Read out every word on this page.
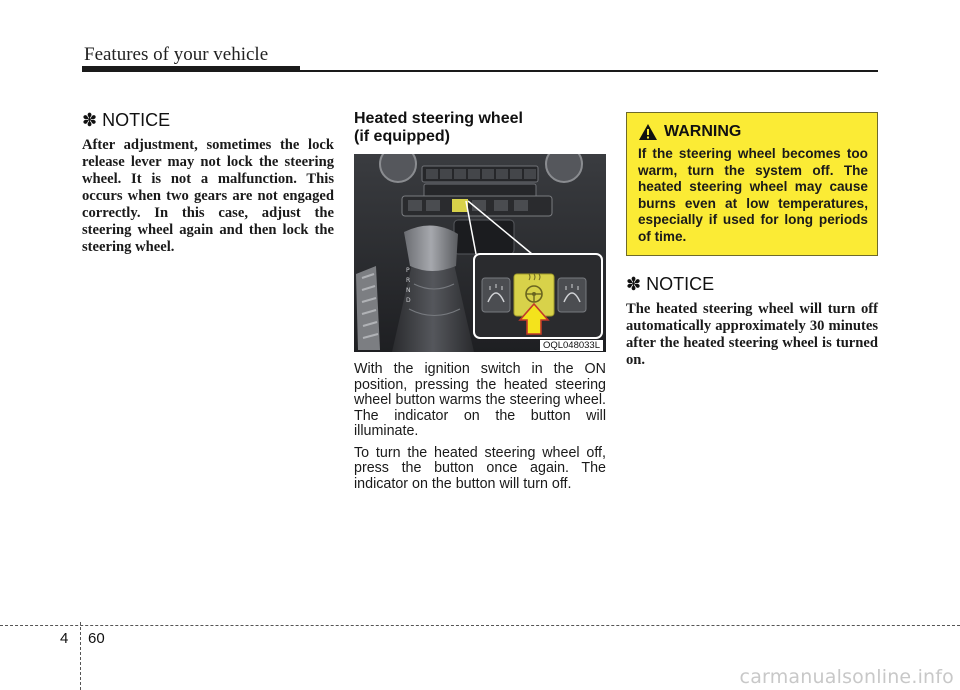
Features of your vehicle
✽ NOTICE

After adjustment, sometimes the lock release lever may not lock the steering wheel. It is not a malfunction. This occurs when two gears are not engaged correctly. In this case, adjust the steering wheel again and then lock the steering wheel.

Heated steering wheel
(if equipped)
P
R
N
D
OQL048033L

With the ignition switch in the ON position, pressing the heated steering wheel button warms the steering wheel. The indicator on the button will illuminate.

To turn the heated steering wheel off, press the button once again. The indicator on the button will turn off.

WARNING

If the steering wheel becomes too warm, turn the system off. The heated steering wheel may cause burns even at low temperatures, especially if used for long periods of time.

✽ NOTICE

The heated steering wheel will turn off automatically approximately 30 minutes after the heated steering wheel is turned on.

4 60
carmanualsonline.info
